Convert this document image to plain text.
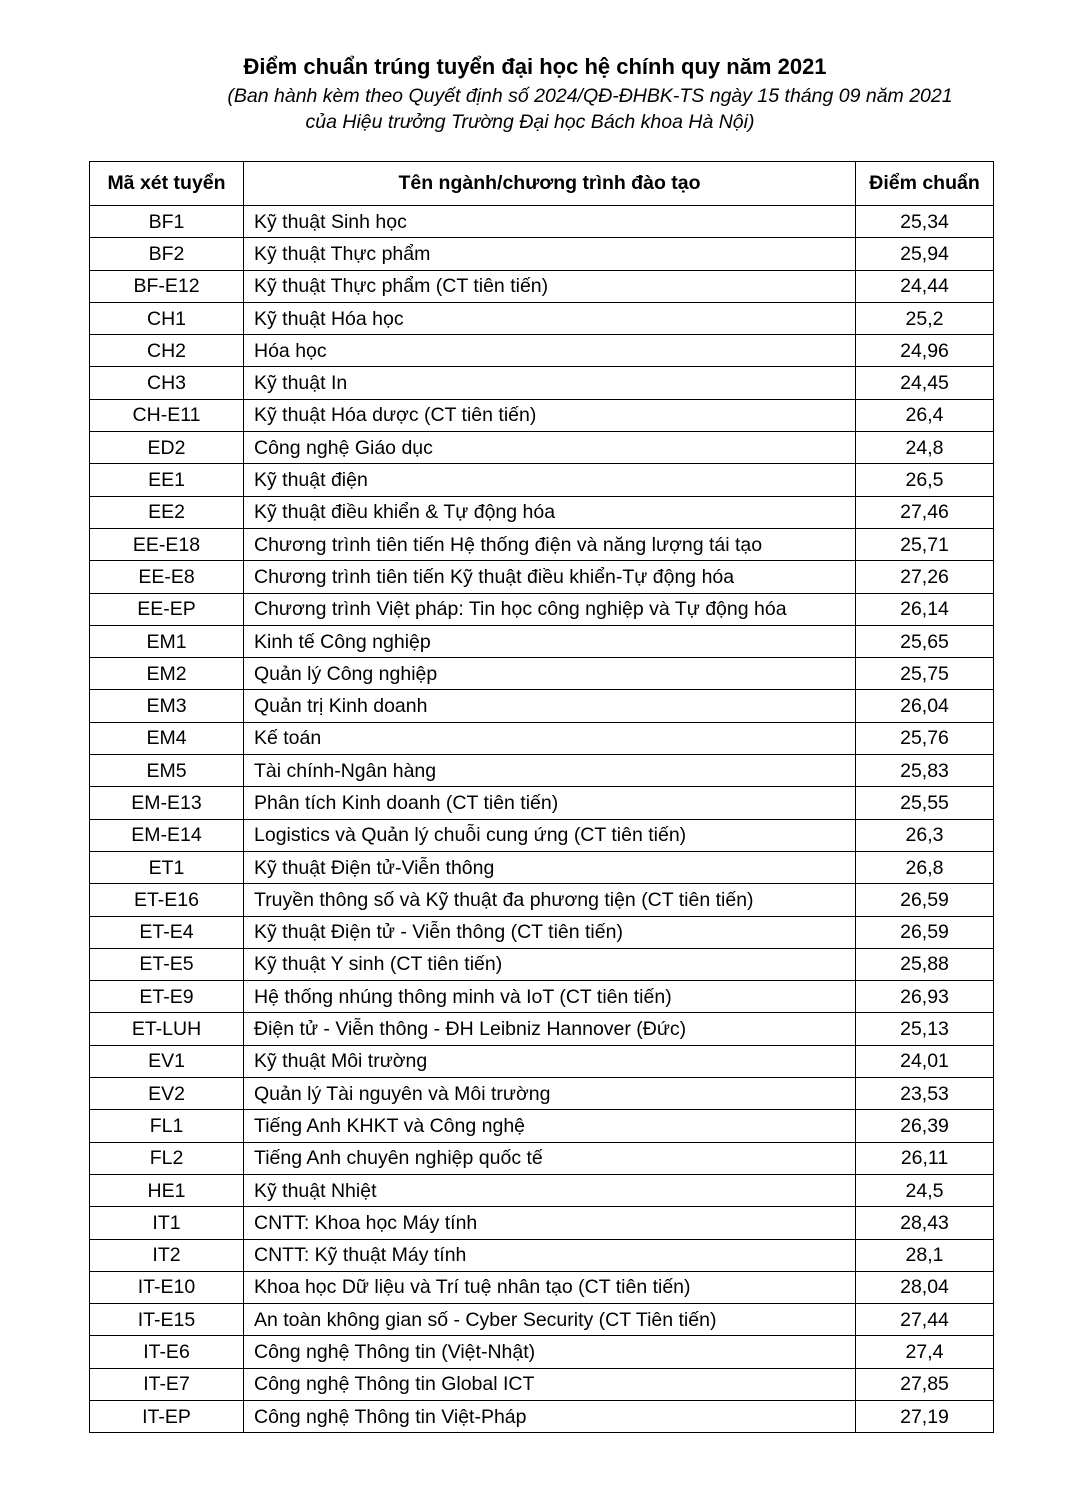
Điểm chuẩn trúng tuyển đại học hệ chính quy năm 2021

(Ban hành kèm theo Quyết định số 2024/QĐ-ĐHBK-TS ngày 15 tháng 09 năm 2021

của Hiệu trưởng Trường Đại học Bách khoa Hà Nội)

Mã xét tuyển	Tên ngành/chương trình đào tạo	Điểm chuẩn
BF1	Kỹ thuật Sinh học	25,34
BF2	Kỹ thuật Thực phẩm	25,94
BF-E12	Kỹ thuật Thực phẩm (CT tiên tiến)	24,44
CH1	Kỹ thuật Hóa học	25,2
CH2	Hóa học	24,96
CH3	Kỹ thuật In	24,45
CH-E11	Kỹ thuật Hóa dược (CT tiên tiến)	26,4
ED2	Công nghệ Giáo dục	24,8
EE1	Kỹ thuật điện	26,5
EE2	Kỹ thuật điều khiển & Tự động hóa	27,46
EE-E18	Chương trình tiên tiến Hệ thống điện và năng lượng tái tạo	25,71
EE-E8	Chương trình tiên tiến Kỹ thuật điều khiển-Tự động hóa	27,26
EE-EP	Chương trình Việt pháp: Tin học công nghiệp và Tự động hóa	26,14
EM1	Kinh tế Công nghiệp	25,65
EM2	Quản lý Công nghiệp	25,75
EM3	Quản trị Kinh doanh	26,04
EM4	Kế toán	25,76
EM5	Tài chính-Ngân hàng	25,83
EM-E13	Phân tích Kinh doanh (CT tiên tiến)	25,55
EM-E14	Logistics và Quản lý chuỗi cung ứng (CT tiên tiến)	26,3
ET1	Kỹ thuật Điện tử-Viễn thông	26,8
ET-E16	Truyền thông số và Kỹ thuật đa phương tiện (CT tiên tiến)	26,59
ET-E4	Kỹ thuật Điện tử - Viễn thông (CT tiên tiến)	26,59
ET-E5	Kỹ thuật Y sinh (CT tiên tiến)	25,88
ET-E9	Hệ thống nhúng thông minh và IoT (CT tiên tiến)	26,93
ET-LUH	Điện tử - Viễn thông - ĐH Leibniz Hannover (Đức)	25,13
EV1	Kỹ thuật Môi trường	24,01
EV2	Quản lý Tài nguyên và Môi trường	23,53
FL1	Tiếng Anh KHKT và Công nghệ	26,39
FL2	Tiếng Anh chuyên nghiệp quốc tế	26,11
HE1	Kỹ thuật Nhiệt	24,5
IT1	CNTT: Khoa học Máy tính	28,43
IT2	CNTT: Kỹ thuật Máy tính	28,1
IT-E10	Khoa học Dữ liệu và Trí tuệ nhân tạo (CT tiên tiến)	28,04
IT-E15	An toàn không gian số - Cyber Security (CT Tiên tiến)	27,44
IT-E6	Công nghệ Thông tin (Việt-Nhật)	27,4
IT-E7	Công nghệ Thông tin Global ICT	27,85
IT-EP	Công nghệ Thông tin Việt-Pháp	27,19
